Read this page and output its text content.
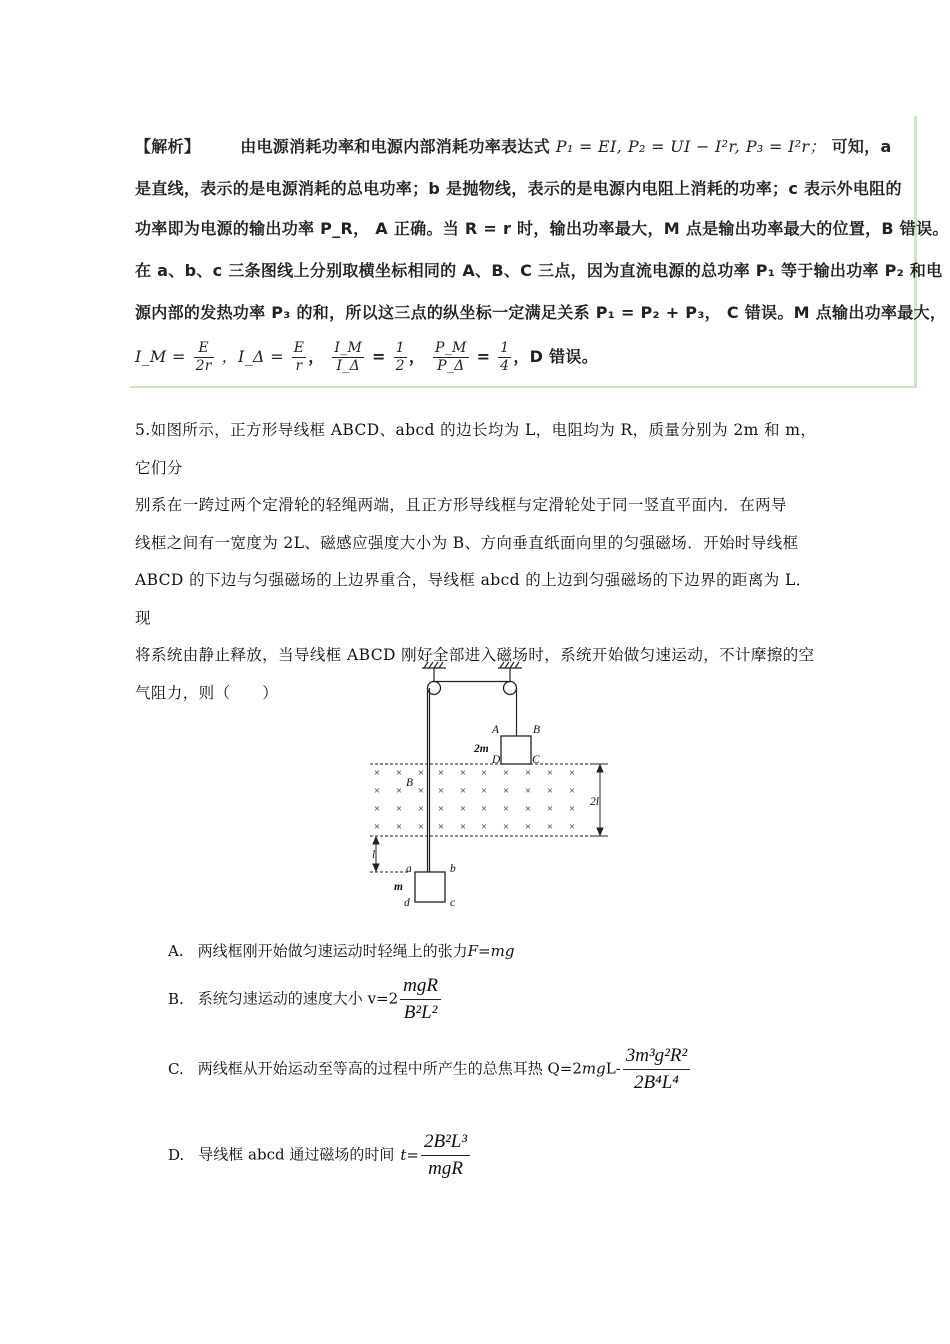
【解析】	由电源消耗功率和电源内部消耗功率表达式 P₁ = EI, P₂ = UI − I²r, P₃ = I²r； 可知，a
是直线，表示的是电源消耗的总电功率；b 是抛物线，表示的是电源内电阻上消耗的功率；c 表示外电阻的
功率即为电源的输出功率 P_R， A 正确。当 R = r 时，输出功率最大，M 点是输出功率最大的位置，B 错误。
在 a、b、c 三条图线上分别取横坐标相同的 A、B、C 三点，因为直流电源的总功率 P₁ 等于输出功率 P₂ 和电
源内部的发热功率 P₃ 的和，所以这三点的纵坐标一定满足关系 P₁ = P₂ + P₃， C 错误。M 点输出功率最大，
I_M = $\frac{E}{2r}$ ，I_Δ = $\frac{E}{r}$ ， $\frac{I\_M}{I\_\Delta} = \frac{1}{2}$ ， $\frac{P\_M}{P\_\Delta} = \frac{1}{4}$ ，D 错误。
5.如图所示，正方形导线框 ABCD、abcd 的边长均为 L，电阻均为 R，质量分别为 2m 和 m，它们分
别系在一跨过两个定滑轮的轻绳两端，且正方形导线框与定滑轮处于同一竖直平面内．在两导
线框之间有一宽度为 2L、磁感应强度大小为 B、方向垂直纸面向里的匀强磁场．开始时导线框
ABCD 的下边与匀强磁场的上边界重合，导线框 abcd 的上边到匀强磁场的下边界的距离为 L．现
将系统由静止释放，当导线框 ABCD 刚好全部进入磁场时，系统开始做匀速运动，不计摩擦的空
气阻力，则（　　）
× × × × × × × × × ×
× × × × × × × × × ×
× × × × × × × × × ×
× × × × × × × × × ×
A	B
C
D
2m
B
2l
l
a	b
c
d
m
A. 两线框刚开始做匀速运动时轻绳上的张力F=mg
B. 系统匀速运动的速度大小 v=2
mgR
B²L²
C. 两线框从开始运动至等高的过程中所产生的总焦耳热 $Q=2mgL- \frac{\text{3m³g²R²}}{\text{2B⁴L⁴}}$
D. 导线框 abcd 通过磁场的时间 t=
2B²L³
mgR
